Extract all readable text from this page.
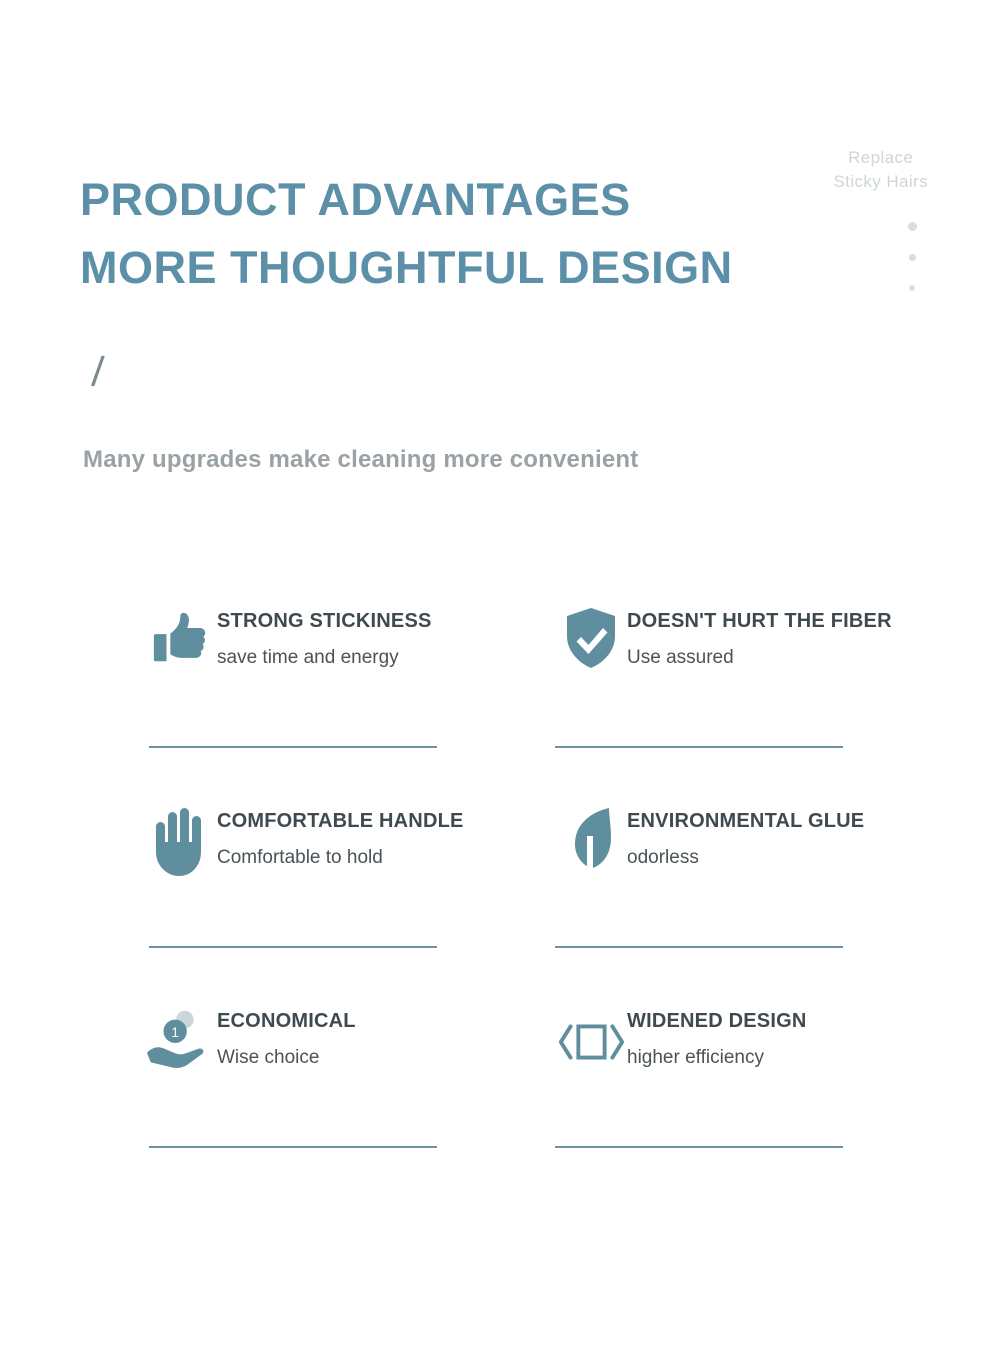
Replace
Sticky Hairs
PRODUCT ADVANTAGES
MORE THOUGHTFUL DESIGN
/
Many upgrades make cleaning more convenient
STRONG STICKINESS
save time and energy
DOESN'T HURT THE FIBER
Use assured
COMFORTABLE HANDLE
Comfortable to hold
ENVIRONMENTAL GLUE
odorless
1
ECONOMICAL
Wise choice
WIDENED DESIGN
higher efficiency
